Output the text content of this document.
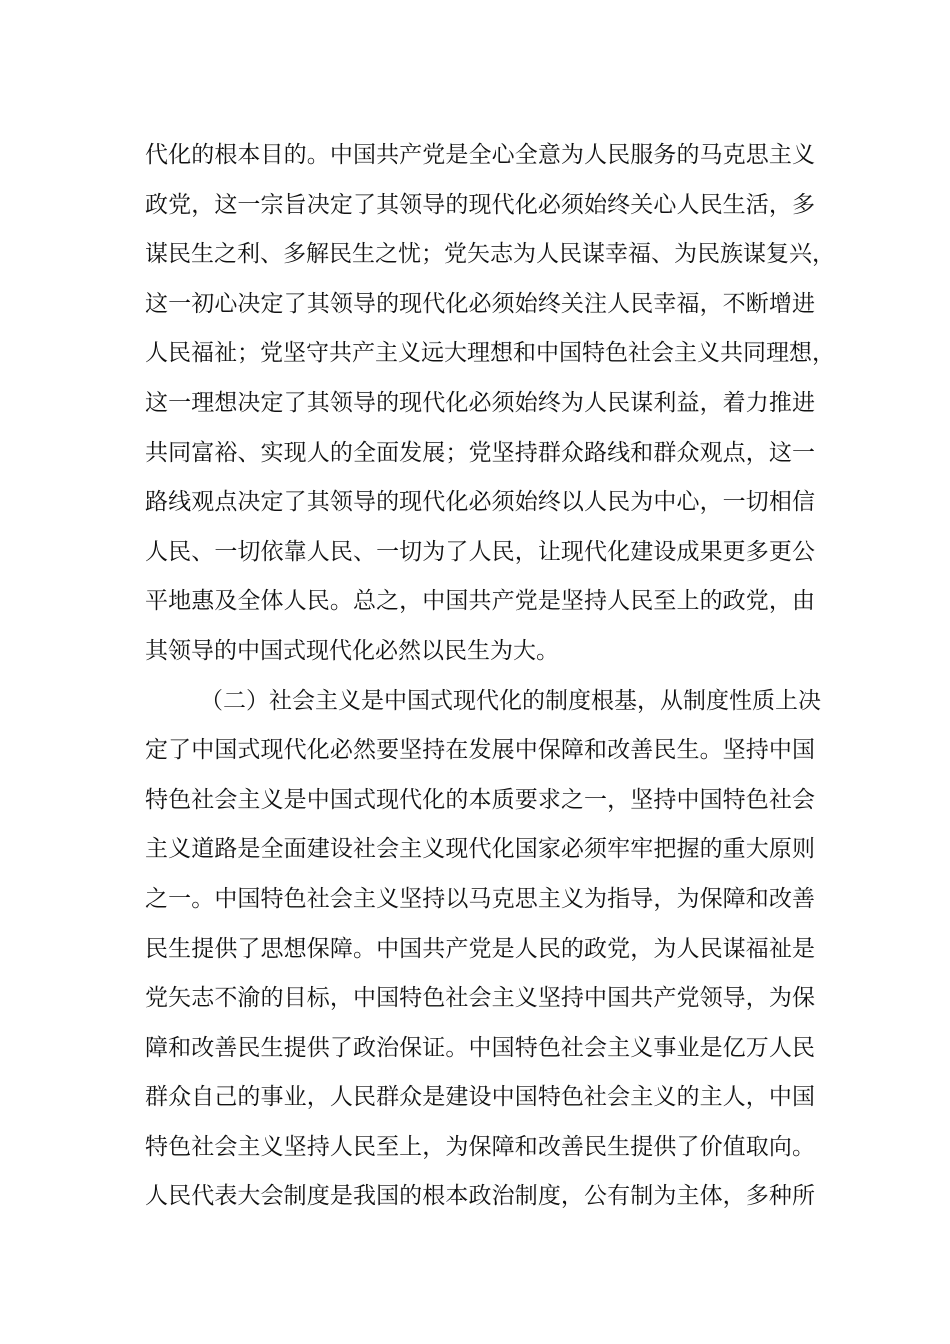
代化的根本目的。中国共产党是全心全意为人民服务的马克思主义
政党，这一宗旨决定了其领导的现代化必须始终关心人民生活，多
谋民生之利、多解民生之忧；党矢志为人民谋幸福、为民族谋复兴，
这一初心决定了其领导的现代化必须始终关注人民幸福，不断增进
人民福祉；党坚守共产主义远大理想和中国特色社会主义共同理想，
这一理想决定了其领导的现代化必须始终为人民谋利益，着力推进
共同富裕、实现人的全面发展；党坚持群众路线和群众观点，这一
路线观点决定了其领导的现代化必须始终以人民为中心，一切相信
人民、一切依靠人民、一切为了人民，让现代化建设成果更多更公
平地惠及全体人民。总之，中国共产党是坚持人民至上的政党，由
其领导的中国式现代化必然以民生为大。
（二）社会主义是中国式现代化的制度根基，从制度性质上决
定了中国式现代化必然要坚持在发展中保障和改善民生。坚持中国
特色社会主义是中国式现代化的本质要求之一，坚持中国特色社会
主义道路是全面建设社会主义现代化国家必须牢牢把握的重大原则
之一。中国特色社会主义坚持以马克思主义为指导，为保障和改善
民生提供了思想保障。中国共产党是人民的政党，为人民谋福祉是
党矢志不渝的目标，中国特色社会主义坚持中国共产党领导，为保
障和改善民生提供了政治保证。中国特色社会主义事业是亿万人民
群众自己的事业，人民群众是建设中国特色社会主义的主人，中国
特色社会主义坚持人民至上，为保障和改善民生提供了价值取向。
人民代表大会制度是我国的根本政治制度，公有制为主体，多种所
